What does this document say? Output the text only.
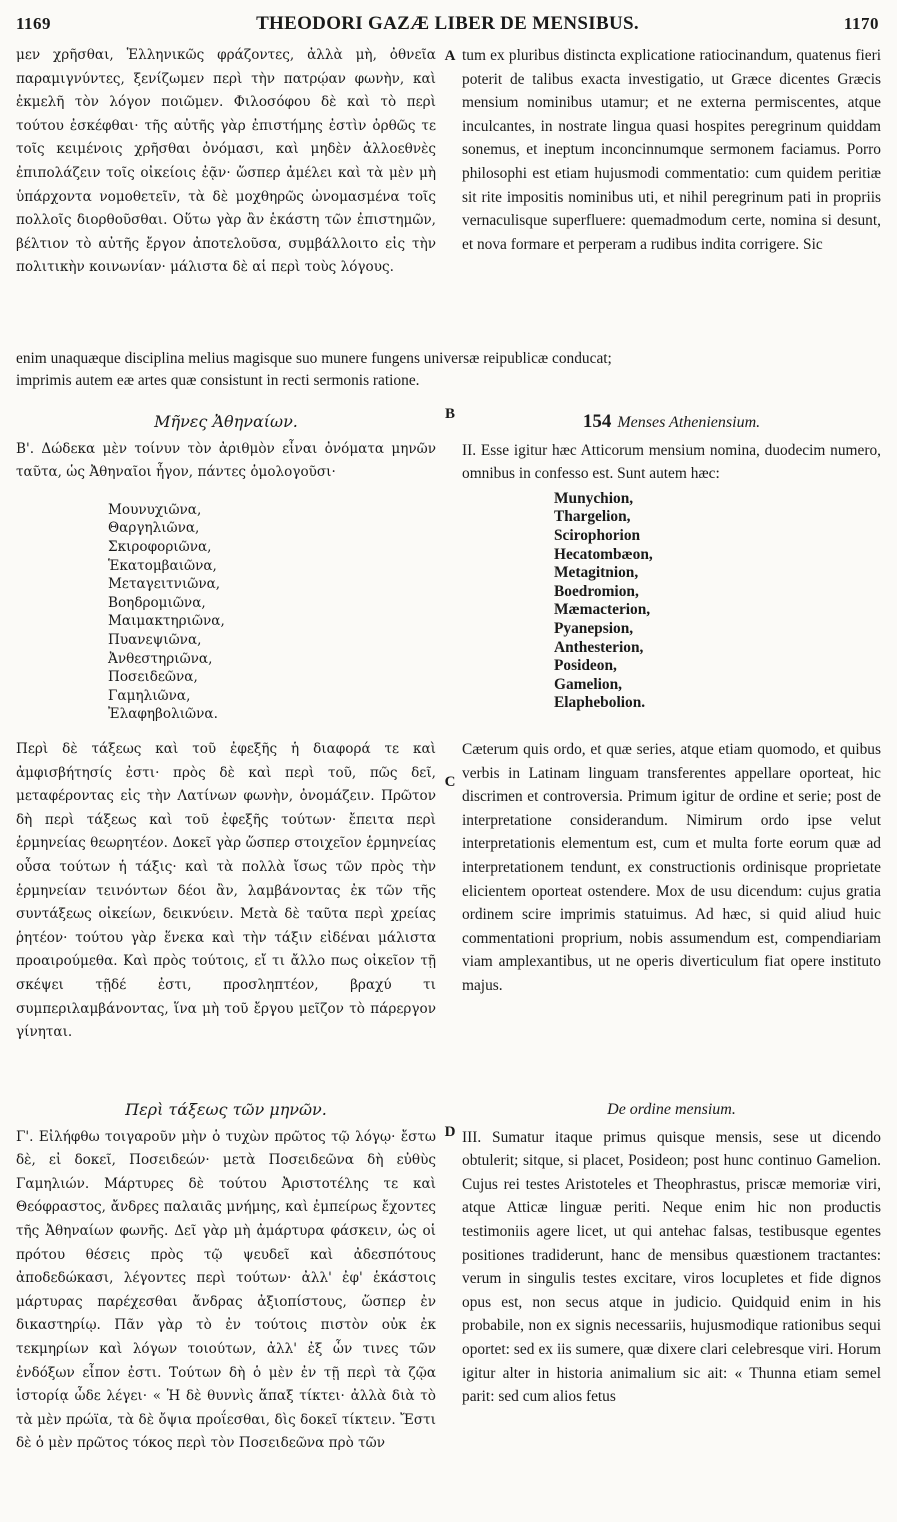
1169	THEODORI GAZÆ LIBER DE MENSIBUS.	1170
A
B
C
D

μεν χρῆσθαι, Ἑλληνικῶς φράζοντες, ἀλλὰ μὴ, ὀθνεῖα παραμιγνύντες, ξενίζωμεν περὶ τὴν πατρῴαν φωνὴν, καὶ ἐκμελῆ τὸν λόγον ποιῶμεν. Φιλοσόφου δὲ καὶ τὸ περὶ τούτου ἐσκέφθαι· τῆς αὐτῆς γὰρ ἐπιστήμης ἐστὶν ὀρθῶς τε τοῖς κειμένοις χρῆσθαι ὀνόμασι, καὶ μηδὲν ἀλλοεθνὲς ἐπιπολάζειν τοῖς οἰκείοις ἐᾷν· ὥσπερ ἀμέλει καὶ τὰ μὲν μὴ ὑπάρχοντα νομοθετεῖν, τὰ δὲ μοχθηρῶς ὠνομασμένα τοῖς πολλοῖς διορθοῦσθαι. Οὕτω γὰρ ἂν ἑκάστη τῶν ἐπιστημῶν, βέλτιον τὸ αὐτῆς ἔργον ἀποτελοῦσα, συμβάλλοιτο εἰς τὴν πολιτικὴν κοινωνίαν· μάλιστα δὲ αἱ περὶ τοὺς λόγους.

tum ex pluribus distincta explicatione ratiocinandum, quatenus fieri poterit de talibus exacta investigatio, ut Græce dicentes Græcis mensium nominibus utamur; et ne externa permiscentes, atque inculcantes, in nostrate lingua quasi hospites peregrinum quiddam sonemus, et ineptum inconcinnumque sermonem faciamus. Porro philosophi est etiam hujusmodi commentatio: cum quidem peritiæ sit rite impositis nominibus uti, et nihil peregrinum pati in propriis vernaculisque superfluere: quemadmodum certe, nomina si desunt, et nova formare et perperam a rudibus indita corrigere. Sic

enim unaquæque disciplina melius magisque suo munere fungens universæ reipublicæ conducat;
imprimis autem eæ artes quæ consistunt in recti sermonis ratione.
Μῆνες Ἀθηναίων.

Β'. Δώδεκα μὲν τοίνυν τὸν ἀριθμὸν εἶναι ὀνόματα μηνῶν ταῦτα, ὡς Ἀθηναῖοι ἦγον, πάντες ὁμολογοῦσι·

Μουνυχιῶνα,
Θαργηλιῶνα,
Σκιροφοριῶνα,
Ἑκατομβαιῶνα,
Μεταγειτνιῶνα,
Βοηδρομιῶνα,
Μαιμακτηριῶνα,
Πυανεψιῶνα,
Ἀνθεστηριῶνα,
Ποσειδεῶνα,
Γαμηλιῶνα,
Ἐλαφηβολιῶνα.
154 Menses Atheniensium.

II. Esse igitur hæc Atticorum mensium nomina, duodecim numero, omnibus in confesso est. Sunt autem hæc:

Munychion,
Thargelion,
Scirophorion
Hecatombæon,
Metagitnion,
Boedromion,
Mæmacterion,
Pyanepsion,
Anthesterion,
Posideon,
Gamelion,
Elaphebolion.

Περὶ δὲ τάξεως καὶ τοῦ ἐφεξῆς ἡ διαφορά τε καὶ ἀμφισβήτησίς ἐστι· πρὸς δὲ καὶ περὶ τοῦ, πῶς δεῖ, μεταφέροντας εἰς τὴν Λατίνων φωνὴν, ὀνομάζειν. Πρῶτον δὴ περὶ τάξεως καὶ τοῦ ἐφεξῆς τούτων· ἔπειτα περὶ ἑρμηνείας θεωρητέον. Δοκεῖ γὰρ ὥσπερ στοιχεῖον ἑρμηνείας οὖσα τούτων ἡ τάξις· καὶ τὰ πολλὰ ἴσως τῶν πρὸς τὴν ἑρμηνείαν τεινόντων δέοι ἂν, λαμβάνοντας ἐκ τῶν τῆς συντάξεως οἰκείων, δεικνύειν. Μετὰ δὲ ταῦτα περὶ χρείας ῥητέον· τούτου γὰρ ἕνεκα καὶ τὴν τάξιν εἰδέναι μάλιστα προαιρούμεθα. Καὶ πρὸς τούτοις, εἴ τι ἄλλο πως οἰκεῖον τῇ σκέψει τῇδέ ἐστι, προσληπτέον, βραχύ τι συμπεριλαμβάνοντας, ἵνα μὴ τοῦ ἔργου μεῖζον τὸ πάρεργον γίνηται.

Cæterum quis ordo, et quæ series, atque etiam quomodo, et quibus verbis in Latinam linguam transferentes appellare oporteat, hic discrimen et controversia. Primum igitur de ordine et serie; post de interpretatione considerandum. Nimirum ordo ipse velut interpretationis elementum est, cum et multa forte eorum quæ ad interpretationem tendunt, ex constructionis ordinisque proprietate elicientem oporteat ostendere. Mox de usu dicendum: cujus gratia ordinem scire imprimis statuimus. Ad hæc, si quid aliud huic commentationi proprium, nobis assumendum est, compendiariam viam amplexantibus, ut ne operis diverticulum fiat opere instituto majus.

Περὶ τάξεως τῶν μηνῶν.

Γ'. Εἰλήφθω τοιγαροῦν μὴν ὁ τυχὼν πρῶτος τῷ λόγῳ· ἔστω δὲ, εἰ δοκεῖ, Ποσειδεών· μετὰ Ποσειδεῶνα δὴ εὐθὺς Γαμηλιών. Μάρτυρες δὲ τούτου Ἀριστοτέλης τε καὶ Θεόφραστος, ἄνδρες παλαιᾶς μνήμης, καὶ ἐμπείρως ἔχοντες τῆς Ἀθηναίων φωνῆς. Δεῖ γὰρ μὴ ἀμάρτυρα φάσκειν, ὡς οἱ πρότου θέσεις πρὸς τῷ ψευδεῖ καὶ ἀδεσπότους ἀποδεδώκασι, λέγοντες περὶ τούτων· ἀλλ' ἐφ' ἑκάστοις μάρτυρας παρέχεσθαι ἄνδρας ἀξιοπίστους, ὥσπερ ἐν δικαστηρίῳ. Πᾶν γὰρ τὸ ἐν τούτοις πιστὸν οὐκ ἐκ τεκμηρίων καὶ λόγων τοιούτων, ἀλλ' ἐξ ὧν τινες τῶν ἐνδόξων εἶπον ἐστι. Τούτων δὴ ὁ μὲν ἐν τῇ περὶ τὰ ζῷα ἱστορίᾳ ὧδε λέγει· « Ἡ δὲ θυννὶς ἅπαξ τίκτει· ἀλλὰ διὰ τὸ τὰ μὲν πρώϊα, τὰ δὲ ὄψια προΐεσθαι, δὶς δοκεῖ τίκτειν. Ἔστι δὲ ὁ μὲν πρῶτος τόκος περὶ τὸν Ποσειδεῶνα πρὸ τῶν

De ordine mensium.

III. Sumatur itaque primus quisque mensis, sese ut dicendo obtulerit; sitque, si placet, Posideon; post hunc continuo Gamelion. Cujus rei testes Aristoteles et Theophrastus, priscæ memoriæ viri, atque Atticæ linguæ periti. Neque enim hic non productis testimoniis agere licet, ut qui antehac falsas, testibusque egentes positiones tradiderunt, hanc de mensibus quæstionem tractantes: verum in singulis testes excitare, viros locupletes et fide dignos opus est, non secus atque in judicio. Quidquid enim in his probabile, non ex signis necessariis, hujusmodique rationibus sequi oportet: sed ex iis sumere, quæ dixere clari celebresque viri. Horum igitur alter in historia animalium sic ait: « Thunna etiam semel parit: sed cum alios fetus
